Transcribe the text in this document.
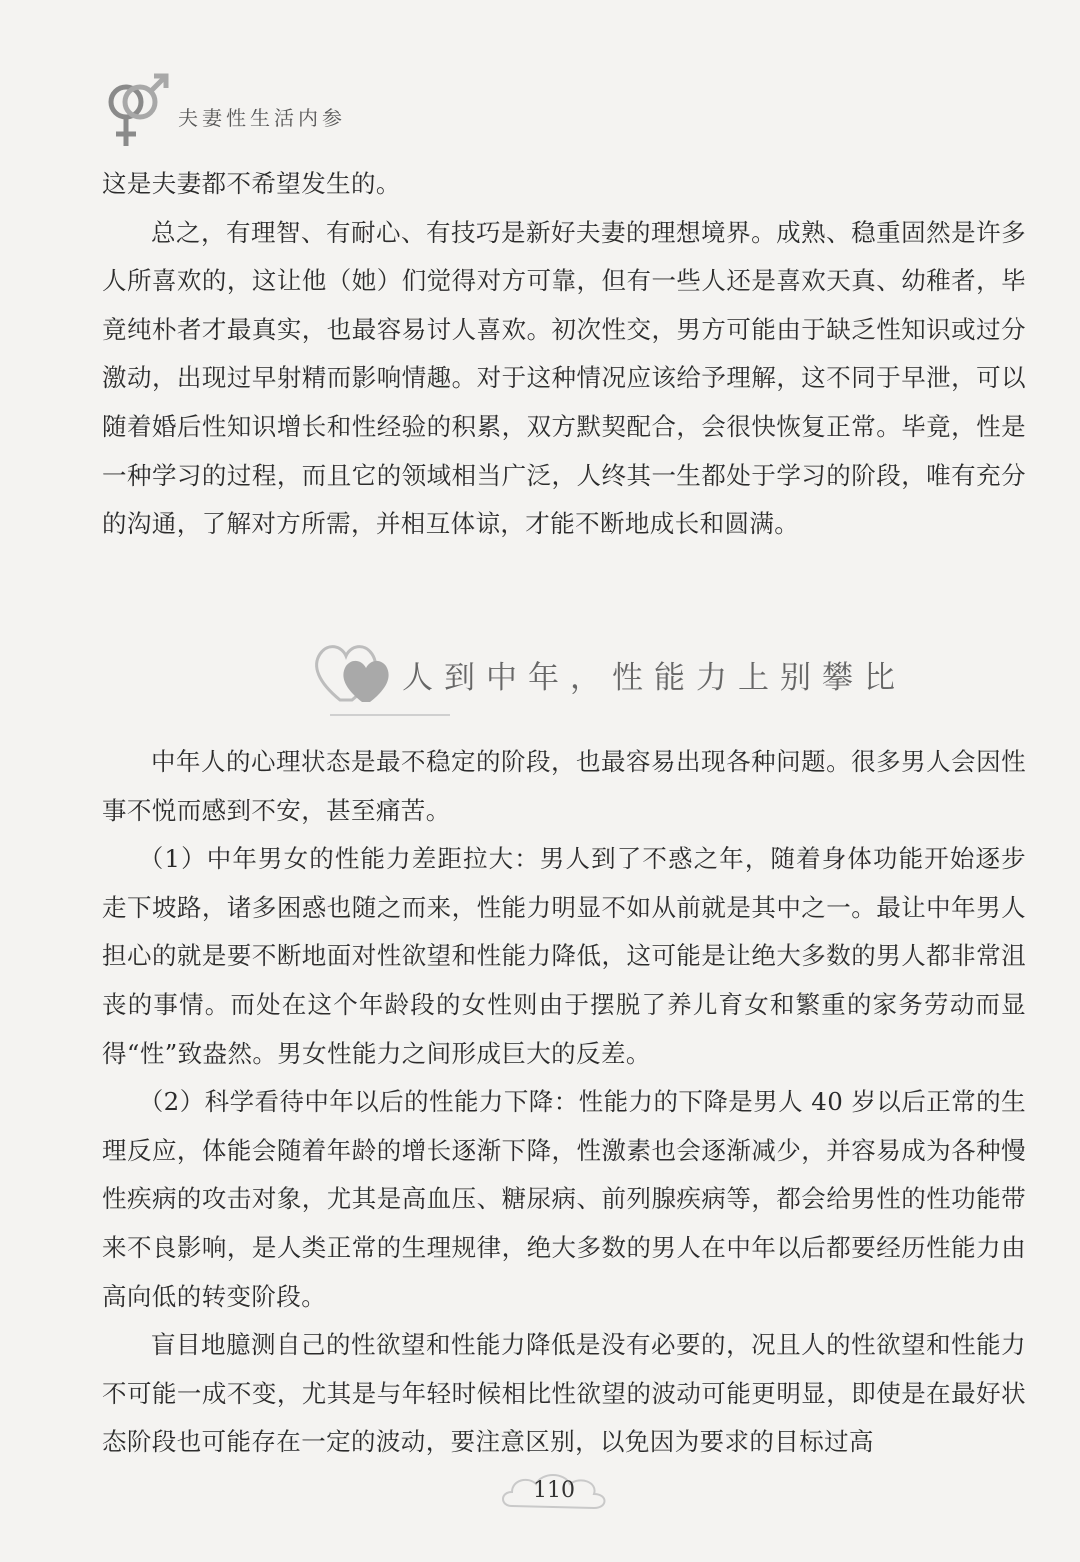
夫妻性生活内参

这是夫妻都不希望发生的。

总之，有理智、有耐心、有技巧是新好夫妻的理想境界。成熟、稳重固然是许多人所喜欢的，这让他（她）们觉得对方可靠，但有一些人还是喜欢天真、幼稚者，毕竟纯朴者才最真实，也最容易讨人喜欢。初次性交，男方可能由于缺乏性知识或过分激动，出现过早射精而影响情趣。对于这种情况应该给予理解，这不同于早泄，可以随着婚后性知识增长和性经验的积累，双方默契配合，会很快恢复正常。毕竟，性是一种学习的过程，而且它的领域相当广泛，人终其一生都处于学习的阶段，唯有充分的沟通，了解对方所需，并相互体谅，才能不断地成长和圆满。

人到中年，性能力上别攀比

中年人的心理状态是最不稳定的阶段，也最容易出现各种问题。很多男人会因性事不悦而感到不安，甚至痛苦。

（1）中年男女的性能力差距拉大：男人到了不惑之年，随着身体功能开始逐步走下坡路，诸多困惑也随之而来，性能力明显不如从前就是其中之一。最让中年男人担心的就是要不断地面对性欲望和性能力降低，这可能是让绝大多数的男人都非常沮丧的事情。而处在这个年龄段的女性则由于摆脱了养儿育女和繁重的家务劳动而显得“性”致盎然。男女性能力之间形成巨大的反差。

（2）科学看待中年以后的性能力下降：性能力的下降是男人 40 岁以后正常的生理反应，体能会随着年龄的增长逐渐下降，性激素也会逐渐减少，并容易成为各种慢性疾病的攻击对象，尤其是高血压、糖尿病、前列腺疾病等，都会给男性的性功能带来不良影响，是人类正常的生理规律，绝大多数的男人在中年以后都要经历性能力由高向低的转变阶段。

盲目地臆测自己的性欲望和性能力降低是没有必要的，况且人的性欲望和性能力不可能一成不变，尤其是与年轻时候相比性欲望的波动可能更明显，即使是在最好状态阶段也可能存在一定的波动，要注意区别，以免因为要求的目标过高

110
